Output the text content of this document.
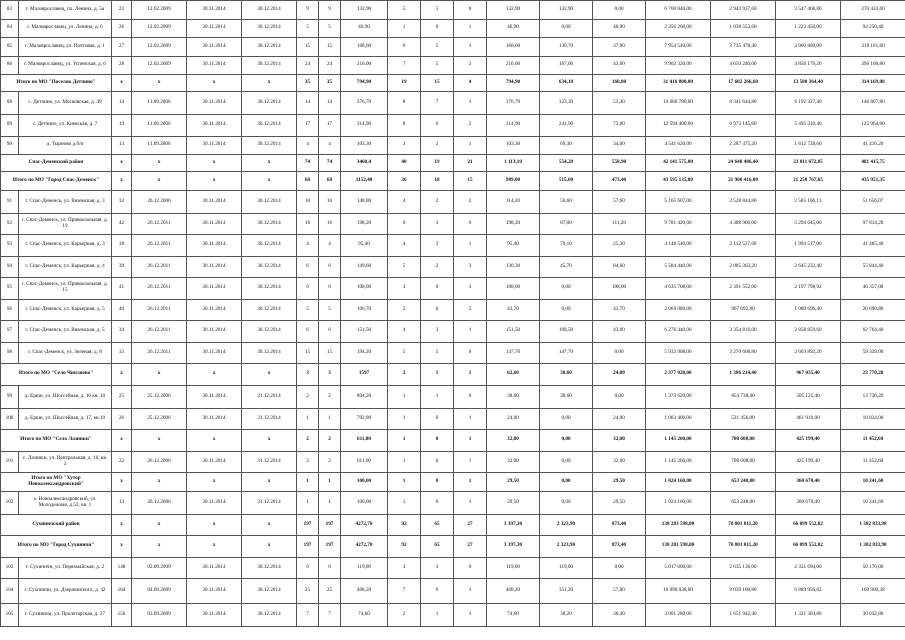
83	г. Малоярославец, пл. Ленина, д. 5а	23	12.02.2009	30.11.2014	30.12.2014	9	9	132,90	5	5	0	132,90	132,90	0,00	6 760 840,00	2 942 937,60	3 547 468,80	270 433,60
84	г. Малоярославец, ул. Ленина, д. 6	26	12.02.2009	30.11.2014	30.12.2014	5	5	46,90	1	0	1	46,90	0,00	46,90	2 356 260,00	1 038 553,60	1 223 456,00	94 250,40
85	г. Малоярославец, ул. Почтовая, д. 1	27	12.02.2009	30.11.2014	30.12.2014	15	15	168,60	6	5	1	168,60	130,70	37,90	7 954 540,00	3 735 478,40	3 900 880,00	318 181,60
86	г. Малоярославец, ул. Успенская, д. 6	28	12.02.2009	30.11.2014	30.12.2014	24	24	210,00	7	5	2	210,00	167,00	43,00	9 902 320,00	4 650 240,00	4 856 179,20	396 100,80
Итого по МО "Поселок Детчино"		x	x	x	x	35	35	794,90	19	15	4	794,90	634,10	160,80	31 416 800,00	17 602 266,60	13 500 364,40	314 169,00
88	с. Детчино, ул. Московская, д. 49	14	11.09.2006	30.11.2014	30.12.2014	14	14	376,70	8	7	1	376,70	323,30	53,40	14 680 780,00	8 341 644,80	6 192 327,40	146 807,80
89	с. Детчино, ул. Киевская, д. 7	19	11.09.2006	30.11.2014	30.12.2014	17	17	314,90	8	6	2	314,90	241,90	73,00	12 594 400,00	6 973 145,60	5 495 310,40	125 964,00
90	д. Тырново д.б/н	13	11.09.2006	30.11.2014	30.12.2014	4	4	103,30	3	2	1	103,30	69,30	34,00	4 541 620,00	2 287 475,20	1 812 728,60	41 416,20
Спас-Деменский район		x	x	x	x	74	74	3460,4	40	19	21	1 113,10	554,20	558,90	42 141 575,00	24 648 486,40	23 011 672,85	481 415,75
Итого по МО "Город Спас-Деменск"		x	x	x	x	68	68	1152,40	36	18	15	989,00	515,60	473,40	43 595 135,00	21 900 416,00	21 258 767,65	435 951,35
91	г. Спас-Деменск, ул. Вяземская, д. 3	32	26.12.2006	30.11.2014	30.12.2014	10	10	148,80	4	2	2	114,20	56,60	57,60	5 165 607,00	2 528 844,80	2 585 106,13	51 656,07
92	г. Спас-Деменск, ул. Привокзальная, д. 19	42	26.12.2011	30.11.2014	30.12.2014	16	16	198,20	9	3	6	198,20	87,00	111,20	9 781 420,00	4 388 960,00	5 294 645,00	97 814,20
93	г. Спас-Деменск, ул. Карьерная, д. 3	38	26.12.2011	30.11.2014	30.12.2014	4	4	95,40	4	3	1	95,40	70,10	25,30	4 148 540,00	2 112 537,60	1 994 517,00	41 485,40
94	г. Спас-Деменск, ул. Карьерная, д. 4	39	26.12.2011	30.11.2014	30.12.2014	6	6	149,60	5	2	3	130,30	45,70	84,60	5 584 440,00	2 885 363,20	2 645 232,40	55 844,40
95	г. Спас-Деменск, ул. Привокзальная, д. 15	41	26.12.2011	30.11.2014	30.12.2014	6	6	108,00	3	0	3	108,00	0,00	108,00	4 635 708,00	2 391 552,00	2 197 798,92	46 357,08
96	г. Спас-Деменск, ул. Карьерная, д. 5	40	26.12.2011	30.11.2014	30.12.2014	5	5	106,70	2	0	2	43,70	0,00	43,70	2 069 080,00	967 692,80	1 080 696,40	20 690,80
97	г. Спас-Деменск, ул. Вяземская, д. 5	34	26.12.2011	30.11.2014	30.12.2014	6	6	151,50	4	3	1	151,50	108,50	43,00	6 276 440,00	3 354 816,00	2 858 859,60	62 764,40
98	г. Спас-Деменск, ул. Зеленая, д. 8	33	26.12.2011	30.11.2014	30.12.2014	15	15	194,20	5	5	0	147,70	147,70	0,00	5 933 908,00	3 270 668,80	2 603 892,20	59 339,00
Итого по МО "Село Чипляево"		x	x	x	x	3	3	1597	2	1	1	62,60	38,60	24,00	2 377 020,00	1 386 214,40	967 035,40	23 770,20
99	д. Ерши, ул. Шоссейная, д. 16 кв. 10	25	25.12.2006	30.11.2014	31.12.2014	2	2	804,20	1	1	0	38,60	38,60	0,00	1 373 620,00	854 738,40	505 125,40	13 736,20
100	д. Ерши, ул. Шоссейная, д. 17, кв.10	26	25.12.2006	30.11.2014	31.12.2014	1	1	792,80	1	0	1	24,00	0,00	24,00	1 003 400,00	531 456,00	461 910,00	10 034,00
Итого по МО "Село Лазинки"		x	x	x	x	2	2	611,00	1	0	1	32,00	0,00	32,00	1 145 260,00	708 608,00	425 199,40	11 452,60
101	с. Лазинки, ул. Центральная, д. 16, кв. 3	22	26.12.2006	30.11.2014	31.12.2014	2	2	611,00	1	0	1	32,00	0,00	32,00	1 145 260,00	708 608,00	425 199,40	11 452,60
Итого по МО "Хутор Новоалександровский"		x	x	x	x	1	1	100,00	1	0	1	29,50	0,00	29,50	1 024 160,00	653 248,00	360 670,40	10 241,60
102	х. Новоалександровский, ул. Молодежная, д.52, кв. 1	13	26.12.2006	30.11.2014	31.12.2014	1	1	100,00	1	0	1	29,50	0,00	29,50	1 024 160,00	653 248,00	360 670,40	10 241,60
Сухиничский район		x	x	x	x	197	197	4272,70	92	65	27	3 197,30	2 323,90	873,40	138 283 598,00	70 801 011,20	66 099 552,82	1 382 833,98
Итого по МО "Город Сухиничи"		x	x	x	x	197	197	4272,70	92	65	27	3 197,30	2 323,90	873,40	138 283 598,00	70 801 011,20	66 099 552,82	1 382 833,98
103	г. Сухиничи, ул. Первомайская, д. 2	148	02.09.2009	30.11.2014	30.12.2014	6	6	119,00	3	3	0	119,00	119,00	0,00	5 017 000,00	2 635 136,00	2 331 694,00	50 170,00
104	г. Сухиничи, ул. Дзержинского, д. 42	164	04.09.2009	30.11.2014	30.12.2014	25	25	408,20	7	6	1	408,20	351,20	57,00	16 090 038,00	9 039 180,80	6 889 956,82	160 900,38
105	г. Сухиничи, ул. Пролетарская, д. 27	156	03.09.2009	30.11.2014	30.12.2014	7	7	74,60	2	1	1	74,60	38,20	36,40	3 001 280,00	1 651 942,40	1 321 304,80	30 032,80
